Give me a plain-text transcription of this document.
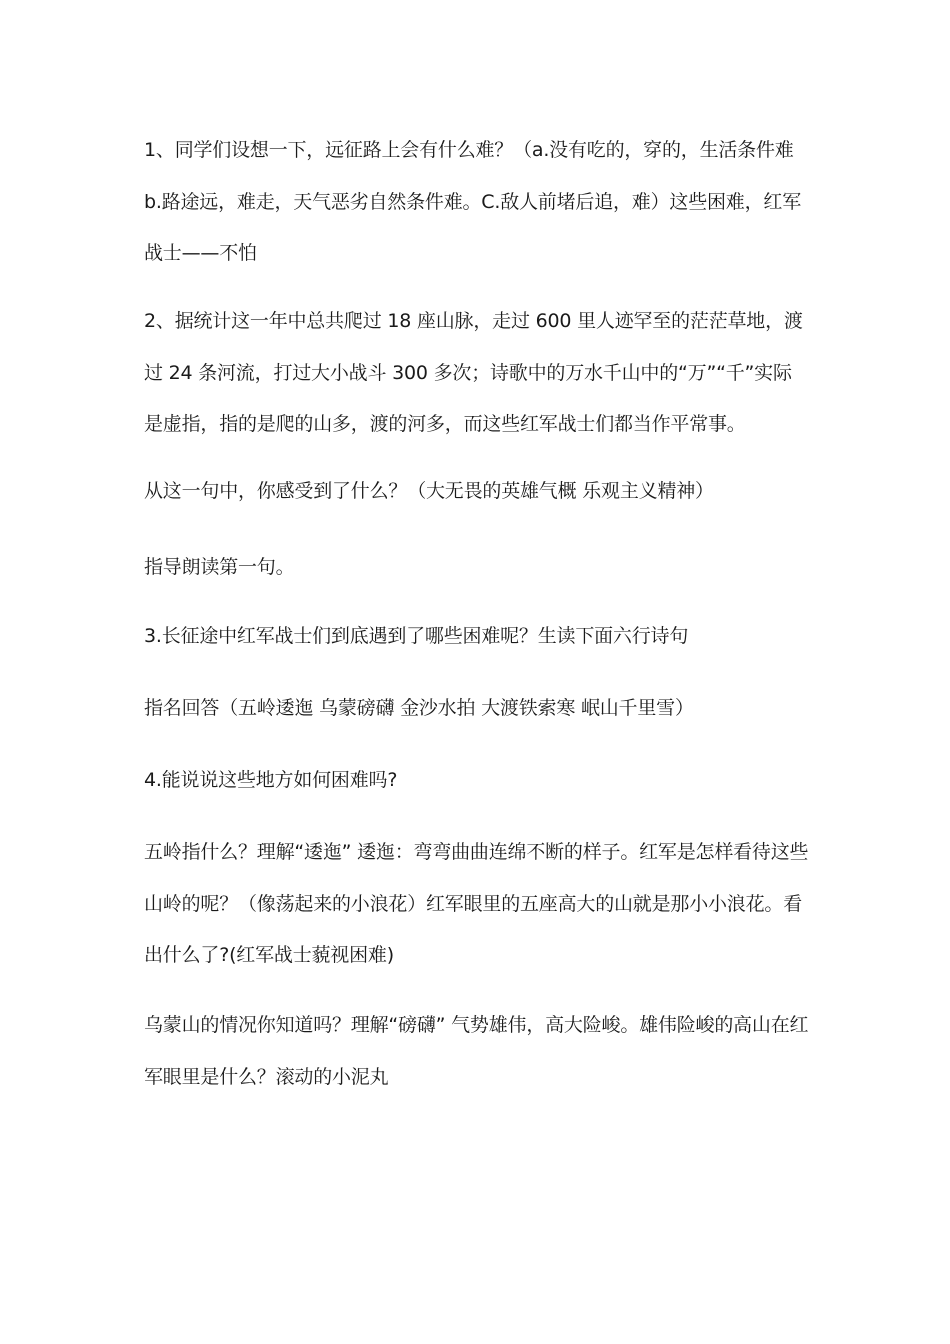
1、同学们设想一下，远征路上会有什么难？（a.没有吃的，穿的，生活条件难 b.路途远，难走，天气恶劣自然条件难。C.敌人前堵后追，难）这些困难，红军战士——不怕

2、据统计这一年中总共爬过 18 座山脉，走过 600 里人迹罕至的茫茫草地，渡过 24 条河流，打过大小战斗 300 多次；诗歌中的万水千山中的“万”“千”实际是虚指，指的是爬的山多，渡的河多，而这些红军战士们都当作平常事。

从这一句中，你感受到了什么？（大无畏的英雄气概 乐观主义精神）

指导朗读第一句。

3.长征途中红军战士们到底遇到了哪些困难呢？生读下面六行诗句

指名回答（五岭逶迤 乌蒙磅礴 金沙水拍 大渡铁索寒 岷山千里雪）

4.能说说这些地方如何困难吗?

五岭指什么？理解“逶迤” 逶迤：弯弯曲曲连绵不断的样子。红军是怎样看待这些山岭的呢？（像荡起来的小浪花）红军眼里的五座高大的山就是那小小浪花。看出什么了?(红军战士藐视困难)

乌蒙山的情况你知道吗？理解“磅礴” 气势雄伟，高大险峻。雄伟险峻的高山在红军眼里是什么？滚动的小泥丸
